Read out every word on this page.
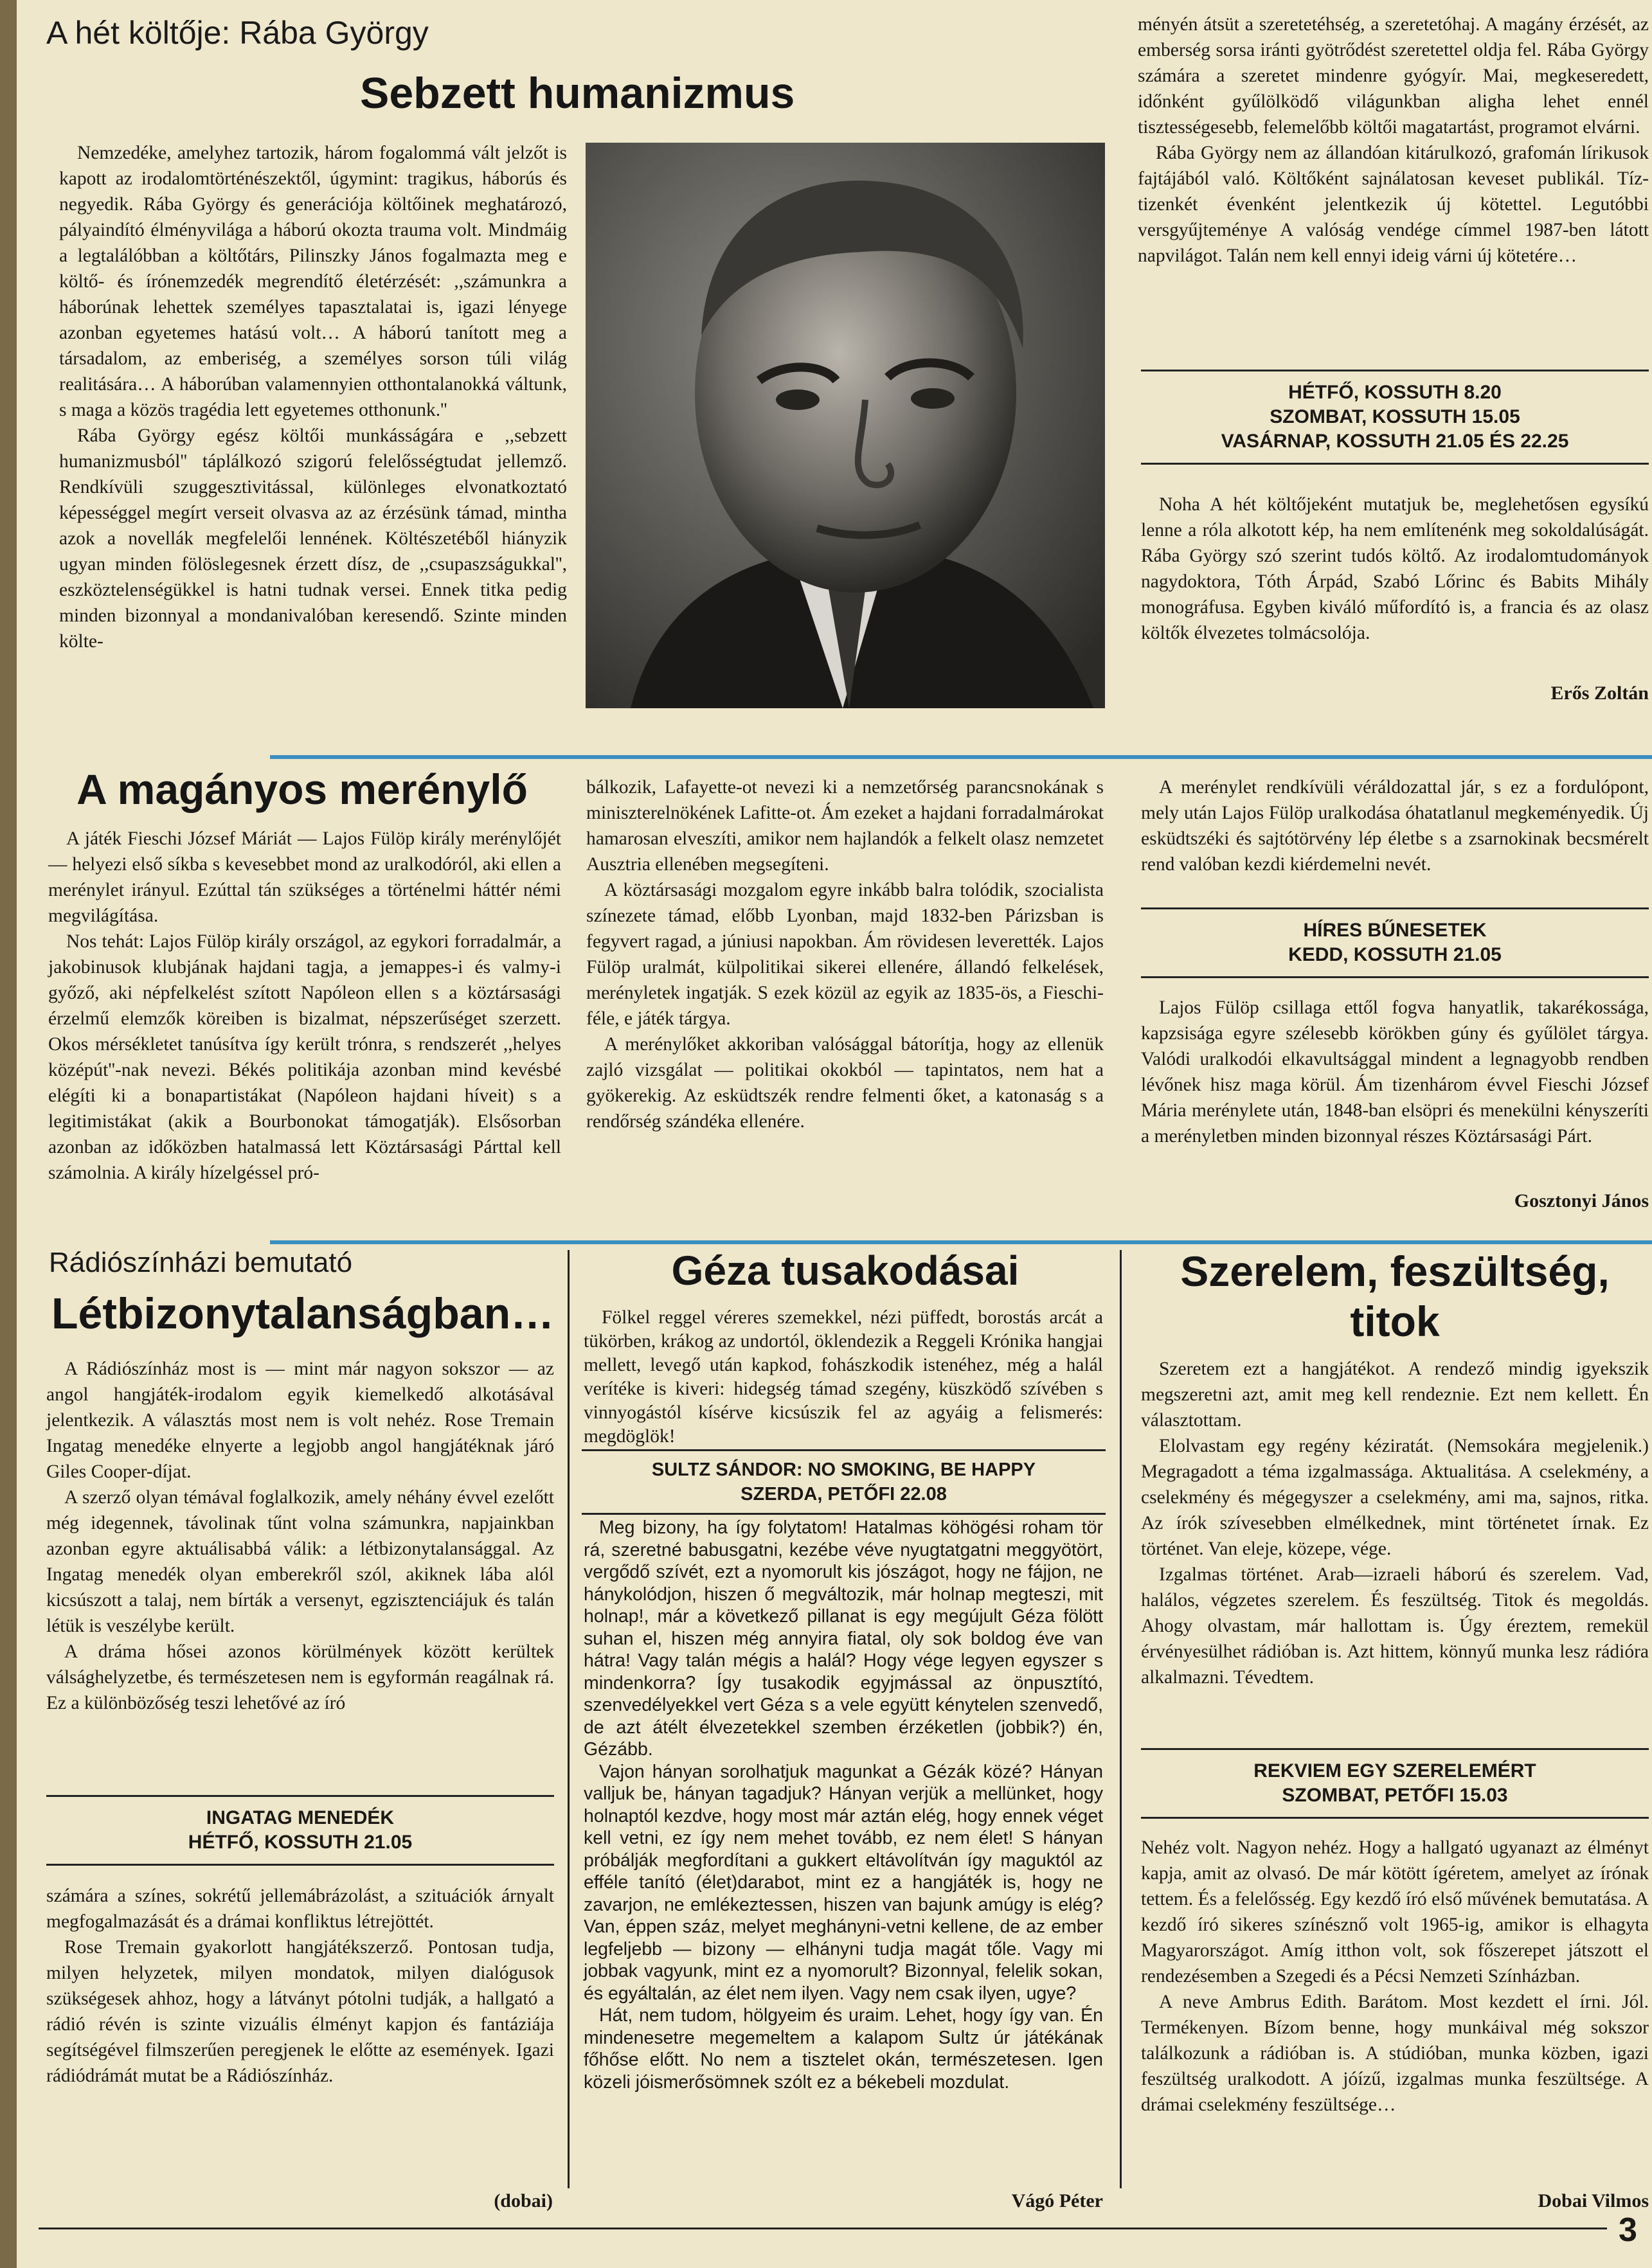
A hét költője: Rába György
Sebzett humanizmus

Nemzedéke, amelyhez tartozik, három fogalommá vált jelzőt is kapott az irodalomtörténészektől, úgymint: tragikus, háborús és negyedik. Rába György és generációja költőinek meghatározó, pályaindító élményvilága a háború okozta trauma volt. Mindmáig a legtalálóbban a költőtárs, Pilinszky János fogalmazta meg e költő- és írónemzedék megrendítő életérzését: ,,számunkra a háborúnak lehettek személyes tapasztalatai is, igazi lényege azonban egyetemes hatású volt… A háború tanított meg a társadalom, az emberiség, a személyes sorson túli világ realitására… A háborúban valamennyien otthontalanokká váltunk, s maga a közös tragédia lett egyetemes otthonunk.''

Rába György egész költői munkásságára e ,,sebzett humanizmusból'' táplálkozó szigorú felelősségtudat jellemző. Rendkívüli szuggesztivitással, különleges elvonatkoztató képességgel megírt verseit olvasva az az érzésünk támad, mintha azok a novellák megfelelői lennének. Költészetéből hiányzik ugyan minden fölöslegesnek érzett dísz, de ,,csupaszságukkal'', eszköztelenségükkel is hatni tudnak versei. Ennek titka pedig minden bizonnyal a mondanivalóban keresendő. Szinte minden költe-

ményén átsüt a szeretetéhség, a szeretetóhaj. A magány érzését, az emberség sorsa iránti gyötrődést szeretettel oldja fel. Rába György számára a szeretet mindenre gyógyír. Mai, megkeseredett, időnként gyűlölködő világunkban aligha lehet ennél tisztességesebb, felemelőbb költői magatartást, programot elvárni.

Rába György nem az állandóan kitárulkozó, grafomán lírikusok fajtájából való. Költőként sajnálatosan keveset publikál. Tíz-tizenkét évenként jelentkezik új kötettel. Legutóbbi versgyűjteménye A valóság vendége címmel 1987-ben látott napvilágot. Talán nem kell ennyi ideig várni új kötetére…

HÉTFŐ, KOSSUTH 8.20
SZOMBAT, KOSSUTH 15.05
VASÁRNAP, KOSSUTH 21.05 ÉS 22.25

Noha A hét költőjeként mutatjuk be, meglehetősen egysíkú lenne a róla alkotott kép, ha nem említenénk meg sokoldalúságát. Rába György szó szerint tudós költő. Az irodalomtudományok nagydoktora, Tóth Árpád, Szabó Lőrinc és Babits Mihály monográfusa. Egyben kiváló műfordító is, a francia és az olasz költők élvezetes tolmácsolója.

Erős Zoltán
A magányos merénylő

A játék Fieschi József Máriát — Lajos Fülöp király merénylőjét — helyezi első síkba s kevesebbet mond az uralkodóról, aki ellen a merénylet irányul. Ezúttal tán szükséges a történelmi háttér némi megvilágítása.

Nos tehát: Lajos Fülöp király országol, az egykori forradalmár, a jakobinusok klubjának hajdani tagja, a jemappes-i és valmy-i győző, aki népfelkelést szított Napóleon ellen s a köztársasági érzelmű elemzők köreiben is bizalmat, népszerűséget szerzett. Okos mérsékletet tanúsítva így került trónra, s rendszerét ,,helyes középút''-nak nevezi. Békés politikája azonban mind kevésbé elégíti ki a bonapartistákat (Napóleon hajdani híveit) s a legitimistákat (akik a Bourbonokat támogatják). Elsősorban azonban az időközben hatalmassá lett Köztársasági Párttal kell számolnia. A király hízelgéssel pró-

bálkozik, Lafayette-ot nevezi ki a nemzetőrség parancsnokának s miniszterelnökének Lafitte-ot. Ám ezeket a hajdani forradalmárokat hamarosan elveszíti, amikor nem hajlandók a felkelt olasz nemzetet Ausztria ellenében megsegíteni.

A köztársasági mozgalom egyre inkább balra tolódik, szocialista színezete támad, előbb Lyonban, majd 1832-ben Párizsban is fegyvert ragad, a júniusi napokban. Ám rövidesen leverették. Lajos Fülöp uralmát, külpolitikai sikerei ellenére, állandó felkelések, merényletek ingatják. S ezek közül az egyik az 1835-ös, a Fieschi-féle, e játék tárgya.

A merénylőket akkoriban valósággal bátorítja, hogy az ellenük zajló vizsgálat — politikai okokból — tapintatos, nem hat a gyökerekig. Az esküdtszék rendre felmenti őket, a katonaság s a rendőrség szándéka ellenére.

A merénylet rendkívüli véráldozattal jár, s ez a fordulópont, mely után Lajos Fülöp uralkodása óhatatlanul megkeményedik. Új esküdtszéki és sajtótörvény lép életbe s a zsarnokinak becsmérelt rend valóban kezdi kiérdemelni nevét.

HÍRES BŰNESETEK
KEDD, KOSSUTH 21.05

Lajos Fülöp csillaga ettől fogva hanyatlik, takarékossága, kapzsisága egyre szélesebb körökben gúny és gyűlölet tárgya. Valódi uralkodói elkavultsággal mindent a legnagyobb rendben lévőnek hisz maga körül. Ám tizenhárom évvel Fieschi József Mária merénylete után, 1848-ban elsöpri és menekülni kényszeríti a merényletben minden bizonnyal részes Köztársasági Párt.

Gosztonyi János
Rádiószínházi bemutató
Létbizonytalanságban…

A Rádiószínház most is — mint már nagyon sokszor — az angol hangjáték-irodalom egyik kiemelkedő alkotásával jelentkezik. A választás most nem is volt nehéz. Rose Tremain Ingatag menedéke elnyerte a legjobb angol hangjátéknak járó Giles Cooper-díjat.

A szerző olyan témával foglalkozik, amely néhány évvel ezelőtt még idegennek, távolinak tűnt volna számunkra, napjainkban azonban egyre aktuálisabbá válik: a létbizonytalansággal. Az Ingatag menedék olyan emberekről szól, akiknek lába alól kicsúszott a talaj, nem bírták a versenyt, egzisztenciájuk és talán létük is veszélybe került.

A dráma hősei azonos körülmények között kerültek válsághelyzetbe, és természetesen nem is egyformán reagálnak rá. Ez a különbözőség teszi lehetővé az író

INGATAG MENEDÉK
HÉTFŐ, KOSSUTH 21.05

számára a színes, sokrétű jellemábrázolást, a szituációk árnyalt megfogalmazását és a drámai konfliktus létrejöttét.

Rose Tremain gyakorlott hangjátékszerző. Pontosan tudja, milyen helyzetek, milyen mondatok, milyen dialógusok szükségesek ahhoz, hogy a látványt pótolni tudják, a hallgató a rádió révén is szinte vizuális élményt kapjon és fantáziája segítségével filmszerűen peregjenek le előtte az események. Igazi rádiódrámát mutat be a Rádiószínház.

(dobai)
Géza tusakodásai

Fölkel reggel véreres szemekkel, nézi püffedt, borostás arcát a tükörben, krákog az undortól, öklendezik a Reggeli Krónika hangjai mellett, levegő után kapkod, fohászkodik istenéhez, még a halál verítéke is kiveri: hidegség támad szegény, küszködő szívében s vinnyogástól kísérve kicsúszik fel az agyáig a felismerés: megdöglök!

SULTZ SÁNDOR: NO SMOKING, BE HAPPY
SZERDA, PETŐFI 22.08

Meg bizony, ha így folytatom! Hatalmas köhögési roham tör rá, szeretné babusgatni, kezébe véve nyugtatgatni meggyötört, vergődő szívét, ezt a nyomorult kis jószágot, hogy ne fájjon, ne hánykolódjon, hiszen ő megváltozik, már holnap megteszi, mit holnap!, már a következő pillanat is egy megújult Géza fölött suhan el, hiszen még annyira fiatal, oly sok boldog éve van hátra! Vagy talán mégis a halál? Hogy vége legyen egyszer s mindenkorra? Így tusakodik egyjmással az önpusztító, szenvedélyekkel vert Géza s a vele együtt kénytelen szenvedő, de azt átélt élvezetekkel szemben érzéketlen (jobbik?) én, Gézább.

Vajon hányan sorolhatjuk magunkat a Gézák közé? Hányan valljuk be, hányan tagadjuk? Hányan verjük a mellünket, hogy holnaptól kezdve, hogy most már aztán elég, hogy ennek véget kell vetni, ez így nem mehet tovább, ez nem élet! S hányan próbálják megfordítani a gukkert eltávolítván így maguktól az efféle tanító (élet)darabot, mint ez a hangjáték is, hogy ne zavarjon, ne emlékeztessen, hiszen van bajunk amúgy is elég? Van, éppen száz, melyet meghányni-vetni kellene, de az ember legfeljebb — bizony — elhányni tudja magát tőle. Vagy mi jobbak vagyunk, mint ez a nyomorult? Bizonnyal, felelik sokan, és egyáltalán, az élet nem ilyen. Vagy nem csak ilyen, ugye?

Hát, nem tudom, hölgyeim és uraim. Lehet, hogy így van. Én mindenesetre megemeltem a kalapom Sultz úr játékának főhőse előtt. No nem a tisztelet okán, természetesen. Igen közeli jóismerősömnek szólt ez a békebeli mozdulat.

Vágó Péter
Szerelem, feszültség, titok

Szeretem ezt a hangjátékot. A rendező mindig igyekszik megszeretni azt, amit meg kell rendeznie. Ezt nem kellett. Én választottam.

Elolvastam egy regény kéziratát. (Nemsokára megjelenik.) Megragadott a téma izgalmassága. Aktualitása. A cselekmény, a cselekmény és mégegyszer a cselekmény, ami ma, sajnos, ritka. Az írók szívesebben elmélkednek, mint történetet írnak. Ez történet. Van eleje, közepe, vége.

Izgalmas történet. Arab—izraeli háború és szerelem. Vad, halálos, végzetes szerelem. És feszültség. Titok és megoldás. Ahogy olvastam, már hallottam is. Úgy éreztem, remekül érvényesülhet rádióban is. Azt hittem, könnyű munka lesz rádióra alkalmazni. Tévedtem.

REKVIEM EGY SZERELEMÉRT
SZOMBAT, PETŐFI 15.03

Nehéz volt. Nagyon nehéz. Hogy a hallgató ugyanazt az élményt kapja, amit az olvasó. De már kötött ígéretem, amelyet az írónak tettem. És a felelősség. Egy kezdő író első művének bemutatása. A kezdő író sikeres színésznő volt 1965-ig, amikor is elhagyta Magyarországot. Amíg itthon volt, sok főszerepet játszott el rendezésemben a Szegedi és a Pécsi Nemzeti Színházban.

A neve Ambrus Edith. Barátom. Most kezdett el írni. Jól. Termékenyen. Bízom benne, hogy munkáival még sokszor találkozunk a rádióban is. A stúdióban, munka közben, igazi feszültség uralkodott. A jóízű, izgalmas munka feszültsége. A drámai cselekmény feszültsége…

Dobai Vilmos
3
